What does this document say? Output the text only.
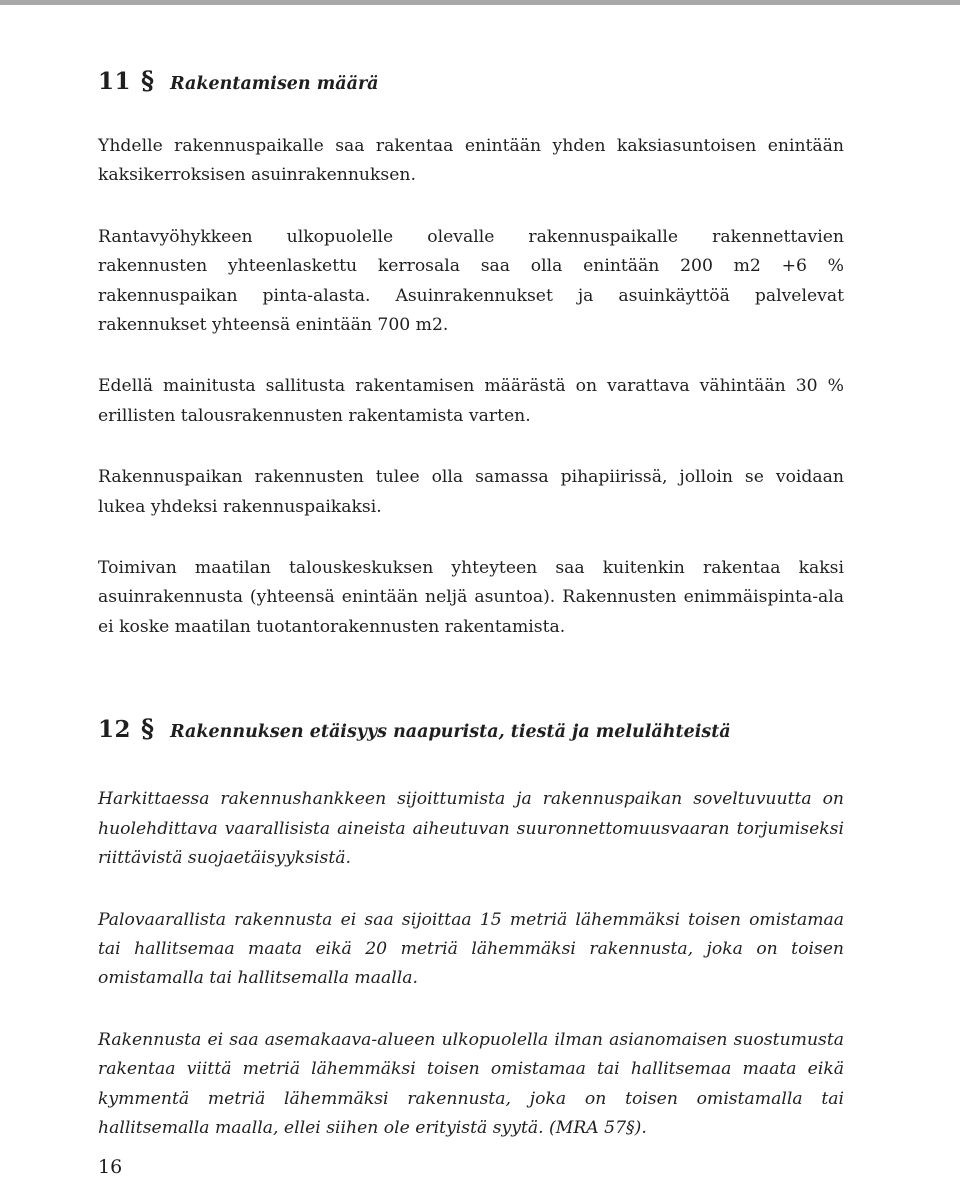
11 § Rakentamisen määrä

Yhdelle rakennuspaikalle saa rakentaa enintään yhden kaksiasuntoisen enintään kaksikerroksisen asuinrakennuksen.

Rantavyöhykkeen ulkopuolelle olevalle rakennuspaikalle rakennettavien rakennusten yhteenlaskettu kerrosala saa olla enintään 200 m2 +6 % rakennuspaikan pinta-alasta. Asuinrakennukset ja asuinkäyttöä palvelevat rakennukset yhteensä enintään 700 m2.

Edellä mainitusta sallitusta rakentamisen määrästä on varattava vähintään 30 % erillisten talousrakennusten rakentamista varten.

Rakennuspaikan rakennusten tulee olla samassa pihapiirissä, jolloin se voidaan lukea yhdeksi rakennuspaikaksi.

Toimivan maatilan talouskeskuksen yhteyteen saa kuitenkin rakentaa kaksi asuinrakennusta (yhteensä enintään neljä asuntoa). Rakennusten enimmäispinta-ala ei koske maatilan tuotantorakennusten rakentamista.

12 § Rakennuksen etäisyys naapurista, tiestä ja melulähteistä

Harkittaessa rakennushankkeen sijoittumista ja rakennuspaikan soveltuvuutta on huolehdittava vaarallisista aineista aiheutuvan suuronnettomuusvaaran torjumiseksi riittävistä suojaetäisyyksistä.

Palovaarallista rakennusta ei saa sijoittaa 15 metriä lähemmäksi toisen omistamaa tai hallitsemaa maata eikä 20 metriä lähemmäksi rakennusta, joka on toisen omistamalla tai hallitsemalla maalla.

Rakennusta ei saa asemakaava-alueen ulkopuolella ilman asianomaisen suostumusta rakentaa viittä metriä lähemmäksi toisen omistamaa tai hallitsemaa maata eikä kymmentä metriä lähemmäksi rakennusta, joka on toisen omistamalla tai hallitsemalla maalla, ellei siihen ole erityistä syytä. (MRA 57§).

16
